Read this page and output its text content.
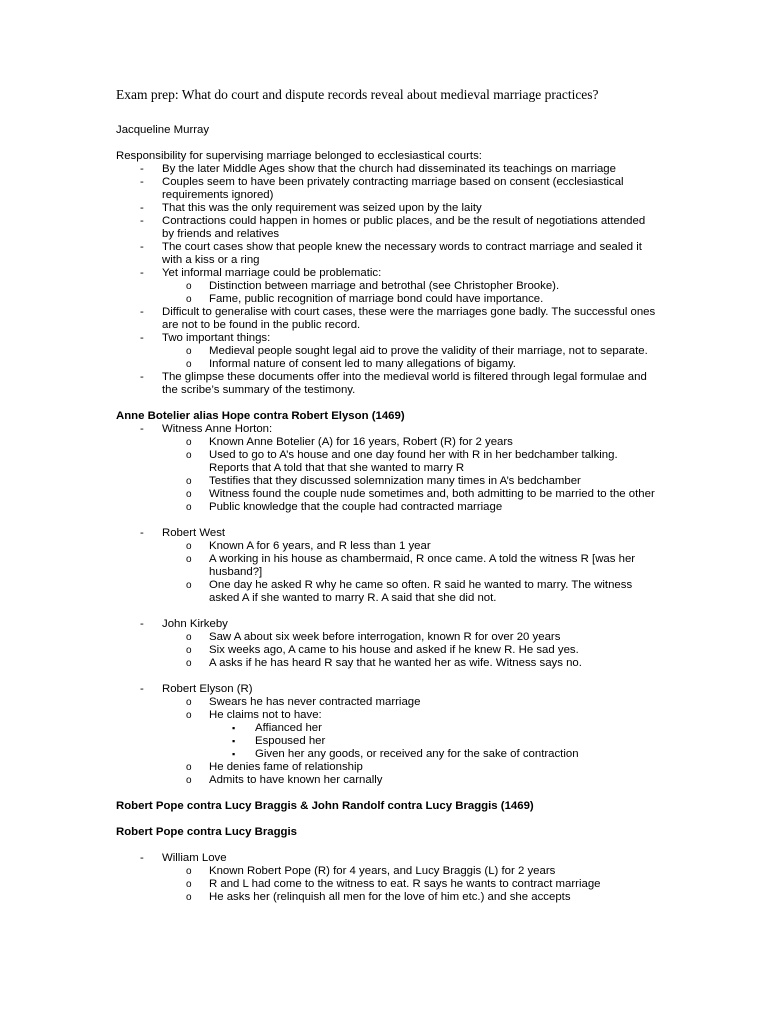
Exam prep: What do court and dispute records reveal about medieval marriage practices?

Jacqueline Murray

Responsibility for supervising marriage belonged to ecclesiastical courts:

- By the later Middle Ages show that the church had disseminated its teachings on marriage
- Couples seem to have been privately contracting marriage based on consent (ecclesiastical requirements ignored)
- That this was the only requirement was seized upon by the laity
- Contractions could happen in homes or public places, and be the result of negotiations attended by friends and relatives
- The court cases show that people knew the necessary words to contract marriage and sealed it with a kiss or a ring
- Yet informal marriage could be problematic:
o Distinction between marriage and betrothal (see Christopher Brooke).
o Fame, public recognition of marriage bond could have importance.
- Difficult to generalise with court cases, these were the marriages gone badly. The successful ones are not to be found in the public record.
- Two important things:
o Medieval people sought legal aid to prove the validity of their marriage, not to separate.
o Informal nature of consent led to many allegations of bigamy.
- The glimpse these documents offer into the medieval world is filtered through legal formulae and the scribe’s summary of the testimony.

Anne Botelier alias Hope contra Robert Elyson (1469)

- Witness Anne Horton:
o Known Anne Botelier (A) for 16 years, Robert (R) for 2 years
o Used to go to A’s house and one day found her with R in her bedchamber talking. Reports that A told that that she wanted to marry R
o Testifies that they discussed solemnization many times in A’s bedchamber
o Witness found the couple nude sometimes and, both admitting to be married to the other
o Public knowledge that the couple had contracted marriage
- Robert West
o Known A for 6 years, and R less than 1 year
o A working in his house as chambermaid, R once came. A told the witness R [was her husband?]
o One day he asked R why he came so often. R said he wanted to marry. The witness asked A if she wanted to marry R. A said that she did not.
- John Kirkeby
o Saw A about six week before interrogation, known R for over 20 years
o Six weeks ago, A came to his house and asked if he knew R. He sad yes.
o A asks if he has heard R say that he wanted her as wife. Witness says no.
- Robert Elyson (R)
o Swears he has never contracted marriage
o He claims not to have:
▪ Affianced her
▪ Espoused her
▪ Given her any goods, or received any for the sake of contraction
o He denies fame of relationship
o Admits to have known her carnally

Robert Pope contra Lucy Braggis & John Randolf contra Lucy Braggis (1469)

Robert Pope contra Lucy Braggis

- William Love
o Known Robert Pope (R) for 4 years, and Lucy Braggis (L) for 2 years
o R and L had come to the witness to eat. R says he wants to contract marriage
o He asks her (relinquish all men for the love of him etc.) and she accepts
